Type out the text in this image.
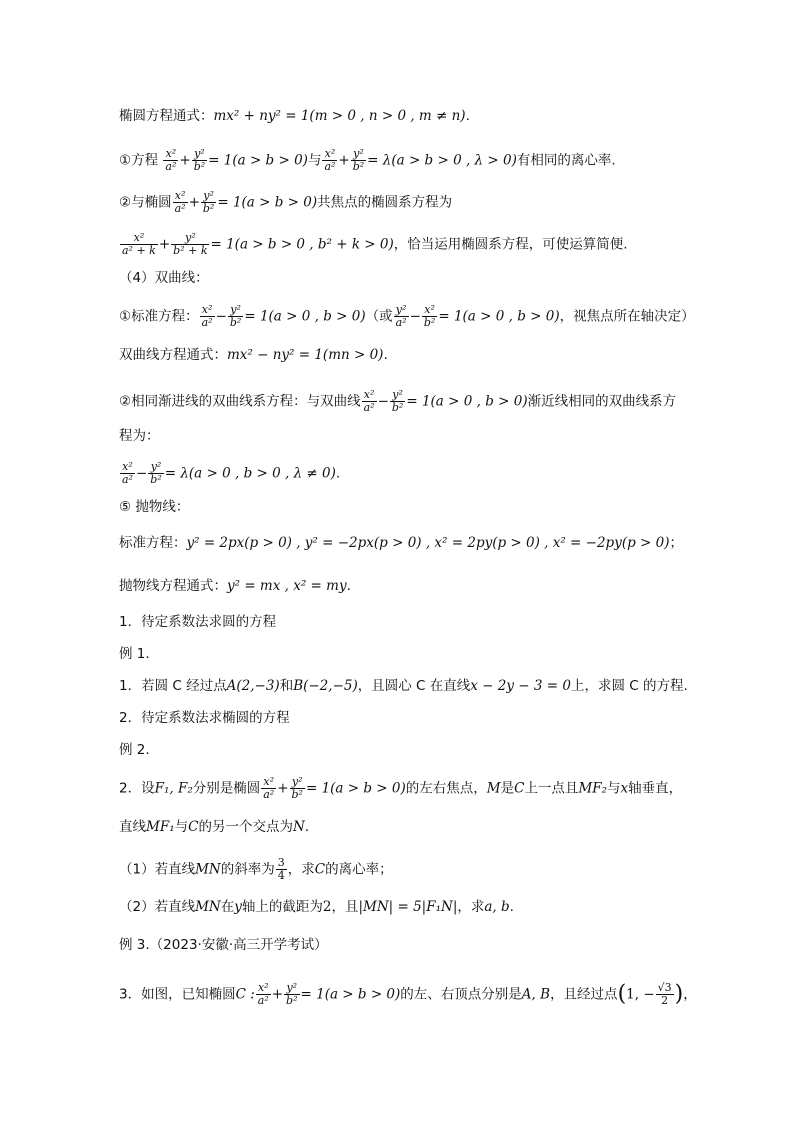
椭圆方程通式：mx² + ny² = 1(m > 0 , n > 0 , m ≠ n).
①方程 $\frac{\text{x²}}{\text{a²}} + \frac{\text{y²}}{\text{b²}} = 1(a > b > 0)$与 $\frac{\text{x²}}{\text{a²}} + \frac{\text{y²}}{\text{b²}} = \lambda(a > b > 0$ , λ > 0)有相同的离心率.
②与椭圆 $\frac{\text{x²}}{\text{a²}} + \frac{\text{y²}}{\text{b²}} = 1(a > b > 0)$共焦点的椭圆系方程为
$\frac{\text{x²}}{\text{a² + k}} + \frac{\text{y²}}{\text{b² + k}} = 1(a > b > 0$ , b² + k > 0)，恰当运用椭圆系方程，可使运算简便.
（4）双曲线：
①标准方程： $\frac{\text{x²}}{\text{a²}} - \frac{\text{y²}}{\text{b²}} = 1(a > 0$ , b > 0)（或 $\frac{\text{y²}}{\text{a²}} - \frac{\text{x²}}{\text{b²}} = 1(a > 0$ , b > 0)，视焦点所在轴决定）
双曲线方程通式：mx² − ny² = 1(mn > 0).
②相同渐进线的双曲线系方程：与双曲线 $\frac{\text{x²}}{\text{a²}} - \frac{\text{y²}}{\text{b²}} = 1(a > 0$ , b > 0)渐近线相同的双曲线系方
程为：
$\frac{\text{x²}}{\text{a²}} - \frac{\text{y²}}{\text{b²}} = \lambda(a > 0$ , b > 0 , λ ≠ 0).
⑤ 抛物线：
标准方程：y² = 2px(p > 0) , y² = −2px(p > 0) , x² = 2py(p > 0) , x² = −2py(p > 0)；
抛物线方程通式：y² = mx , x² = my.
1．待定系数法求圆的方程
例 1.
1．若圆 C 经过点A(2,−3)和B(−2,−5)，且圆心 C 在直线x − 2y − 3 = 0上，求圆 C 的方程.
2．待定系数法求椭圆的方程
例 2.
2．设F₁, F₂分别是椭圆 $\frac{\text{x²}}{\text{a²}} + \frac{\text{y²}}{\text{b²}} = 1(a > b > 0)$的左右焦点，M是C上一点且MF₂与x轴垂直，
直线MF₁与C的另一个交点为N.
（1）若直线MN的斜率为 $\frac{3}{4}$ ，求C的离心率；
（2）若直线MN在y轴上的截距为2，且|MN| = 5|F₁N|，求a, b.
例 3.（2023·安徽·高三开学考试）
3．如图，已知椭圆C : $\frac{\text{x²}}{\text{a²}} + \frac{\text{y²}}{\text{b²}} = 1(a > b > 0)$的左、右顶点分别是A, B，且经过点(1, − $\frac{√3}{2}$ )，
